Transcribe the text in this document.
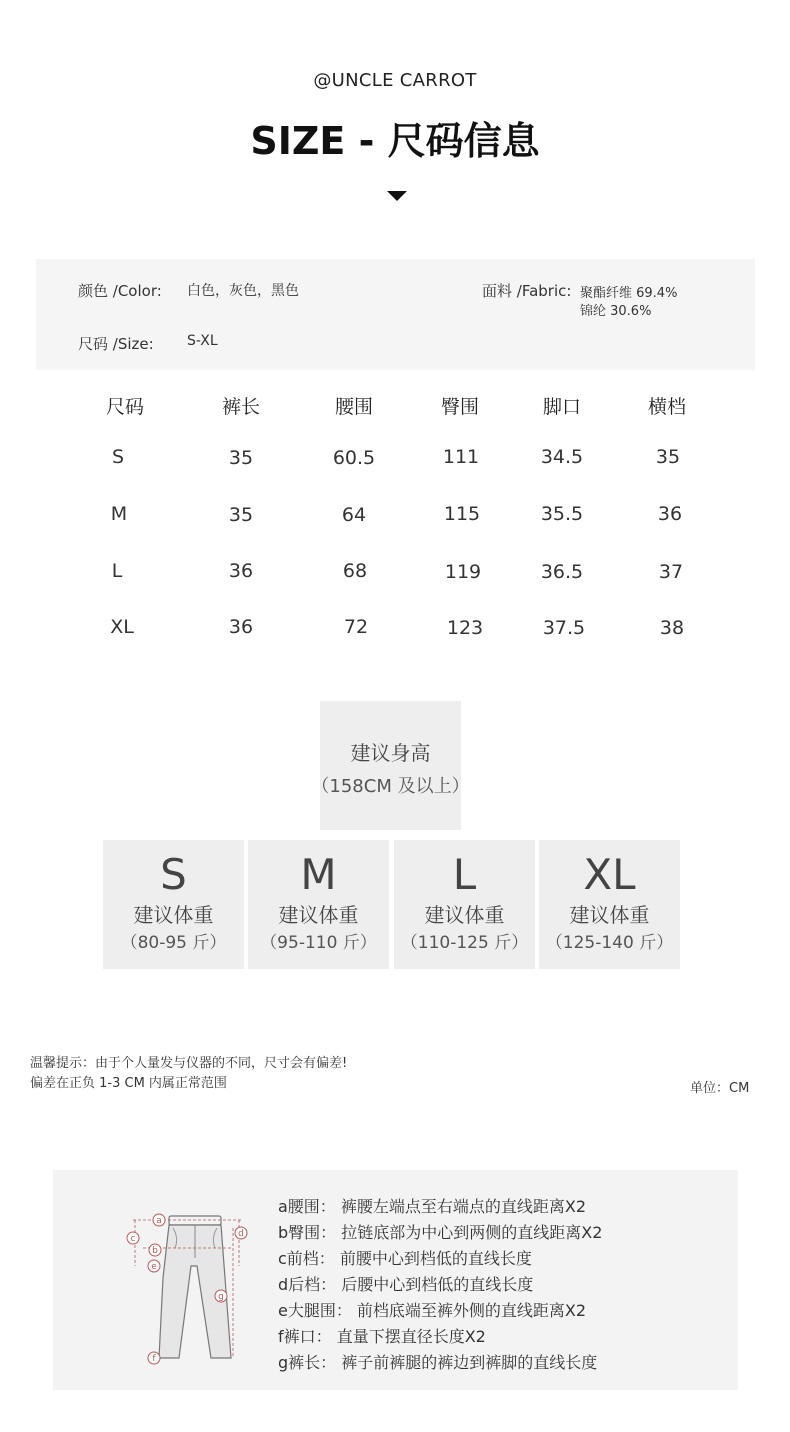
@UNCLE CARROT
SIZE - 尺码信息
颜色 /Color: 白色，灰色，黑色
尺码 /Size: S-XL
面料 /Fabric: 聚酯纤维 69.4%
锦纶 30.6%
尺码	裤长	腰围	臀围	脚口	横档
S	35	60.5	111	34.5	35
M	35	64	115	35.5	36
L	36	68	119	36.5	37
XL	36	72	123	37.5	38
建议身高
（158CM 及以上）
S
建议体重
（80-95 斤）
M
建议体重
（95-110 斤）
L
建议体重
（110-125 斤）
XL
建议体重
（125-140 斤）
温馨提示：由于个人量发与仪器的不同，尺寸会有偏差!
偏差在正负 1-3 CM 内属正常范围	单位：CM
a
b
c	d
e
f
g
a腰围： 裤腰左端点至右端点的直线距离X2
b臀围： 拉链底部为中心到两侧的直线距离X2
c前档： 前腰中心到档低的直线长度
d后档： 后腰中心到档低的直线长度
e大腿围： 前档底端至裤外侧的直线距离X2
f裤口： 直量下摆直径长度X2
g裤长： 裤子前裤腿的裤边到裤脚的直线长度
